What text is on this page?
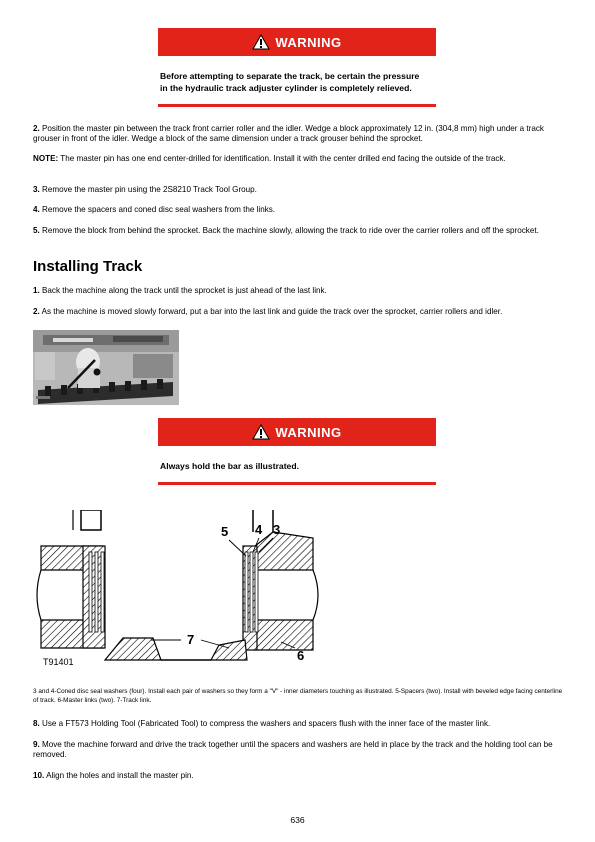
WARNING
Before attempting to separate the track, be certain the pressure
in the hydraulic track adjuster cylinder is completely relieved.
2. Position the master pin between the track front carrier roller and the idler. Wedge a block approximately 12 in. (304,8 mm) high under a track grouser in front of the idler. Wedge a block of the same dimension under a track grouser behind the sprocket.
NOTE: The master pin has one end center-drilled for identification. Install it with the center drilled end facing the outside of the track.
3. Remove the master pin using the 2S8210 Track Tool Group.
4. Remove the spacers and coned disc seal washers from the links.
5. Remove the block from behind the sprocket. Back the machine slowly, allowing the track to ride over the carrier rollers and off the sprocket.
Installing Track
1. Back the machine along the track until the sprocket is just ahead of the last link.
2. As the machine is moved slowly forward, put a bar into the last link and guide the track over the sprocket, carrier rollers and idler.
WARNING
Always hold the bar as illustrated.
5 4 3
7
6
T91401
3 and 4-Coned disc seal washers (four). Install each pair of washers so they form a "V" - inner diameters touching as illustrated. 5-Spacers (two). Install with beveled edge facing centerline of track. 6-Master links (two). 7-Track link.
8. Use a FT573 Holding Tool (Fabricated Tool) to compress the washers and spacers flush with the inner face of the master link.
9. Move the machine forward and drive the track together until the spacers and washers are held in place by the track and the holding tool can be removed.
10. Align the holes and install the master pin.
636
